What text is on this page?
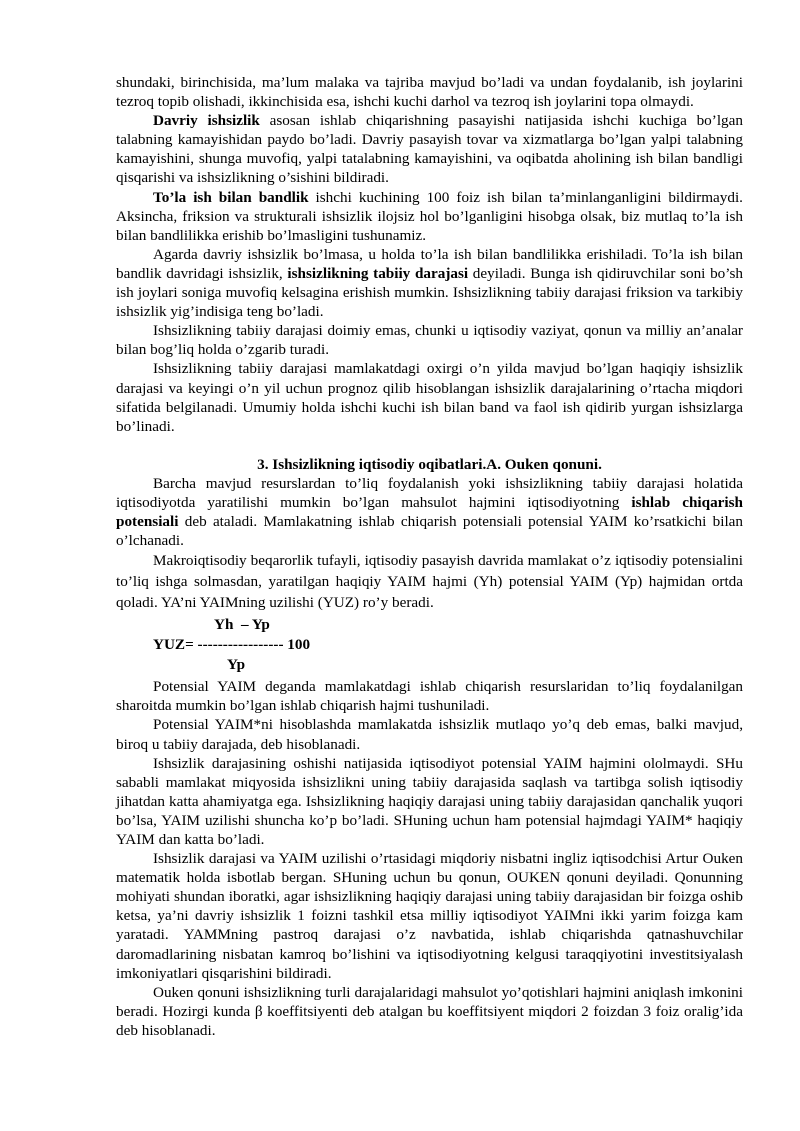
shundaki, birinchisida, ma’lum malaka va tajriba mavjud bo’ladi va undan foydalanib, ish joylarini tezroq topib olishadi, ikkinchisida esa, ishchi kuchi darhol va tezroq ish joylarini topa olmaydi.

Davriy ishsizlik asosan ishlab chiqarishning pasayishi natijasida ishchi kuchiga bo’lgan talabning kamayishidan paydo bo’ladi. Davriy pasayish tovar va xizmatlarga bo’lgan yalpi talabning kamayishini, shunga muvofiq, yalpi tatalabning kamayishini, va oqibatda aholining ish bilan bandligi qisqarishi va ishsizlikning o’sishini bildiradi.

To’la ish bilan bandlik ishchi kuchining 100 foiz ish bilan ta’minlanganligini bildirmaydi. Aksincha, friksion va strukturali ishsizlik ilojsiz hol bo’lganligini hisobga olsak, biz mutlaq to’la ish bilan bandlilikka erishib bo’lmasligini tushunamiz.

Agarda davriy ishsizlik bo’lmasa, u holda to’la ish bilan bandlilikka erishiladi. To’la ish bilan bandlik davridagi ishsizlik, ishsizlikning tabiiy darajasi deyiladi. Bunga ish qidiruvchilar soni bo’sh ish joylari soniga muvofiq kelsagina erishish mumkin. Ishsizlikning tabiiy darajasi friksion va tarkibiy ishsizlik yig’indisiga teng bo’ladi.

Ishsizlikning tabiiy darajasi doimiy emas, chunki u iqtisodiy vaziyat, qonun va milliy an’analar bilan bog’liq holda o’zgarib turadi.

Ishsizlikning tabiiy darajasi mamlakatdagi oxirgi o’n yilda mavjud bo’lgan haqiqiy ishsizlik darajasi va keyingi o’n yil uchun prognoz qilib hisoblangan ishsizlik darajalarining o’rtacha miqdori sifatida belgilanadi. Umumiy holda ishchi kuchi ish bilan band va faol ish qidirib yurgan ishsizlarga bo’linadi.

3. Ishsizlikning iqtisodiy oqibatlari.A. Ouken qonuni.

Barcha mavjud resurslardan to’liq foydalanish yoki ishsizlikning tabiiy darajasi holatida iqtisodiyotda yaratilishi mumkin bo’lgan mahsulot hajmini iqtisodiyotning ishlab chiqarish potensiali deb ataladi. Mamlakatning ishlab chiqarish potensiali potensial YAIM ko’rsatkichi bilan o’lchanadi.

Makroiqtisodiy beqarorlik tufayli, iqtisodiy pasayish davrida mamlakat o’z iqtisodiy potensialini to’liq ishga solmasdan, yaratilgan haqiqiy YAIM hajmi (Yh) potensial YAIM (Yp) hajmidan ortda qoladi. YA’ni YAIMning uzilishi (YUZ) ro’y beradi.

Yh  – Yp
YUZ= ----------------- 100
Yp

Potensial YAIM deganda mamlakatdagi ishlab chiqarish resurslaridan to’liq foydalanilgan sharoitda mumkin bo’lgan ishlab chiqarish hajmi tushuniladi.

Potensial YAIM*ni hisoblashda mamlakatda ishsizlik mutlaqo yo’q deb emas, balki mavjud, biroq u tabiiy darajada, deb hisoblanadi.

Ishsizlik darajasining oshishi natijasida iqtisodiyot potensial YAIM hajmini ololmaydi. SHu sababli mamlakat miqyosida ishsizlikni uning tabiiy darajasida saqlash va tartibga solish iqtisodiy jihatdan katta ahamiyatga ega. Ishsizlikning haqiqiy darajasi uning tabiiy darajasidan qanchalik yuqori bo’lsa, YAIM uzilishi shuncha ko’p bo’ladi. SHuning uchun ham potensial hajmdagi YAIM* haqiqiy YAIM dan katta bo’ladi.

Ishsizlik darajasi va YAIM uzilishi o’rtasidagi miqdoriy nisbatni ingliz iqtisodchisi Artur Ouken matematik holda isbotlab bergan. SHuning uchun bu qonun, OUKEN qonuni deyiladi. Qonunning mohiyati shundan iboratki, agar ishsizlikning haqiqiy darajasi uning tabiiy darajasidan bir foizga oshib ketsa, ya’ni davriy ishsizlik 1 foizni tashkil etsa milliy iqtisodiyot YAIMni ikki yarim foizga kam yaratadi. YAMMning pastroq darajasi o’z navbatida, ishlab chiqarishda qatnashuvchilar daromadlarining nisbatan kamroq bo’lishini va iqtisodiyotning kelgusi taraqqiyotini investitsiyalash imkoniyatlari qisqarishini bildiradi.

Ouken qonuni ishsizlikning turli darajalaridagi mahsulot yo’qotishlari hajmini aniqlash imkonini beradi. Hozirgi kunda β koeffitsiyenti deb atalgan bu koeffitsiyent miqdori 2 foizdan 3 foiz oralig’ida deb hisoblanadi.
